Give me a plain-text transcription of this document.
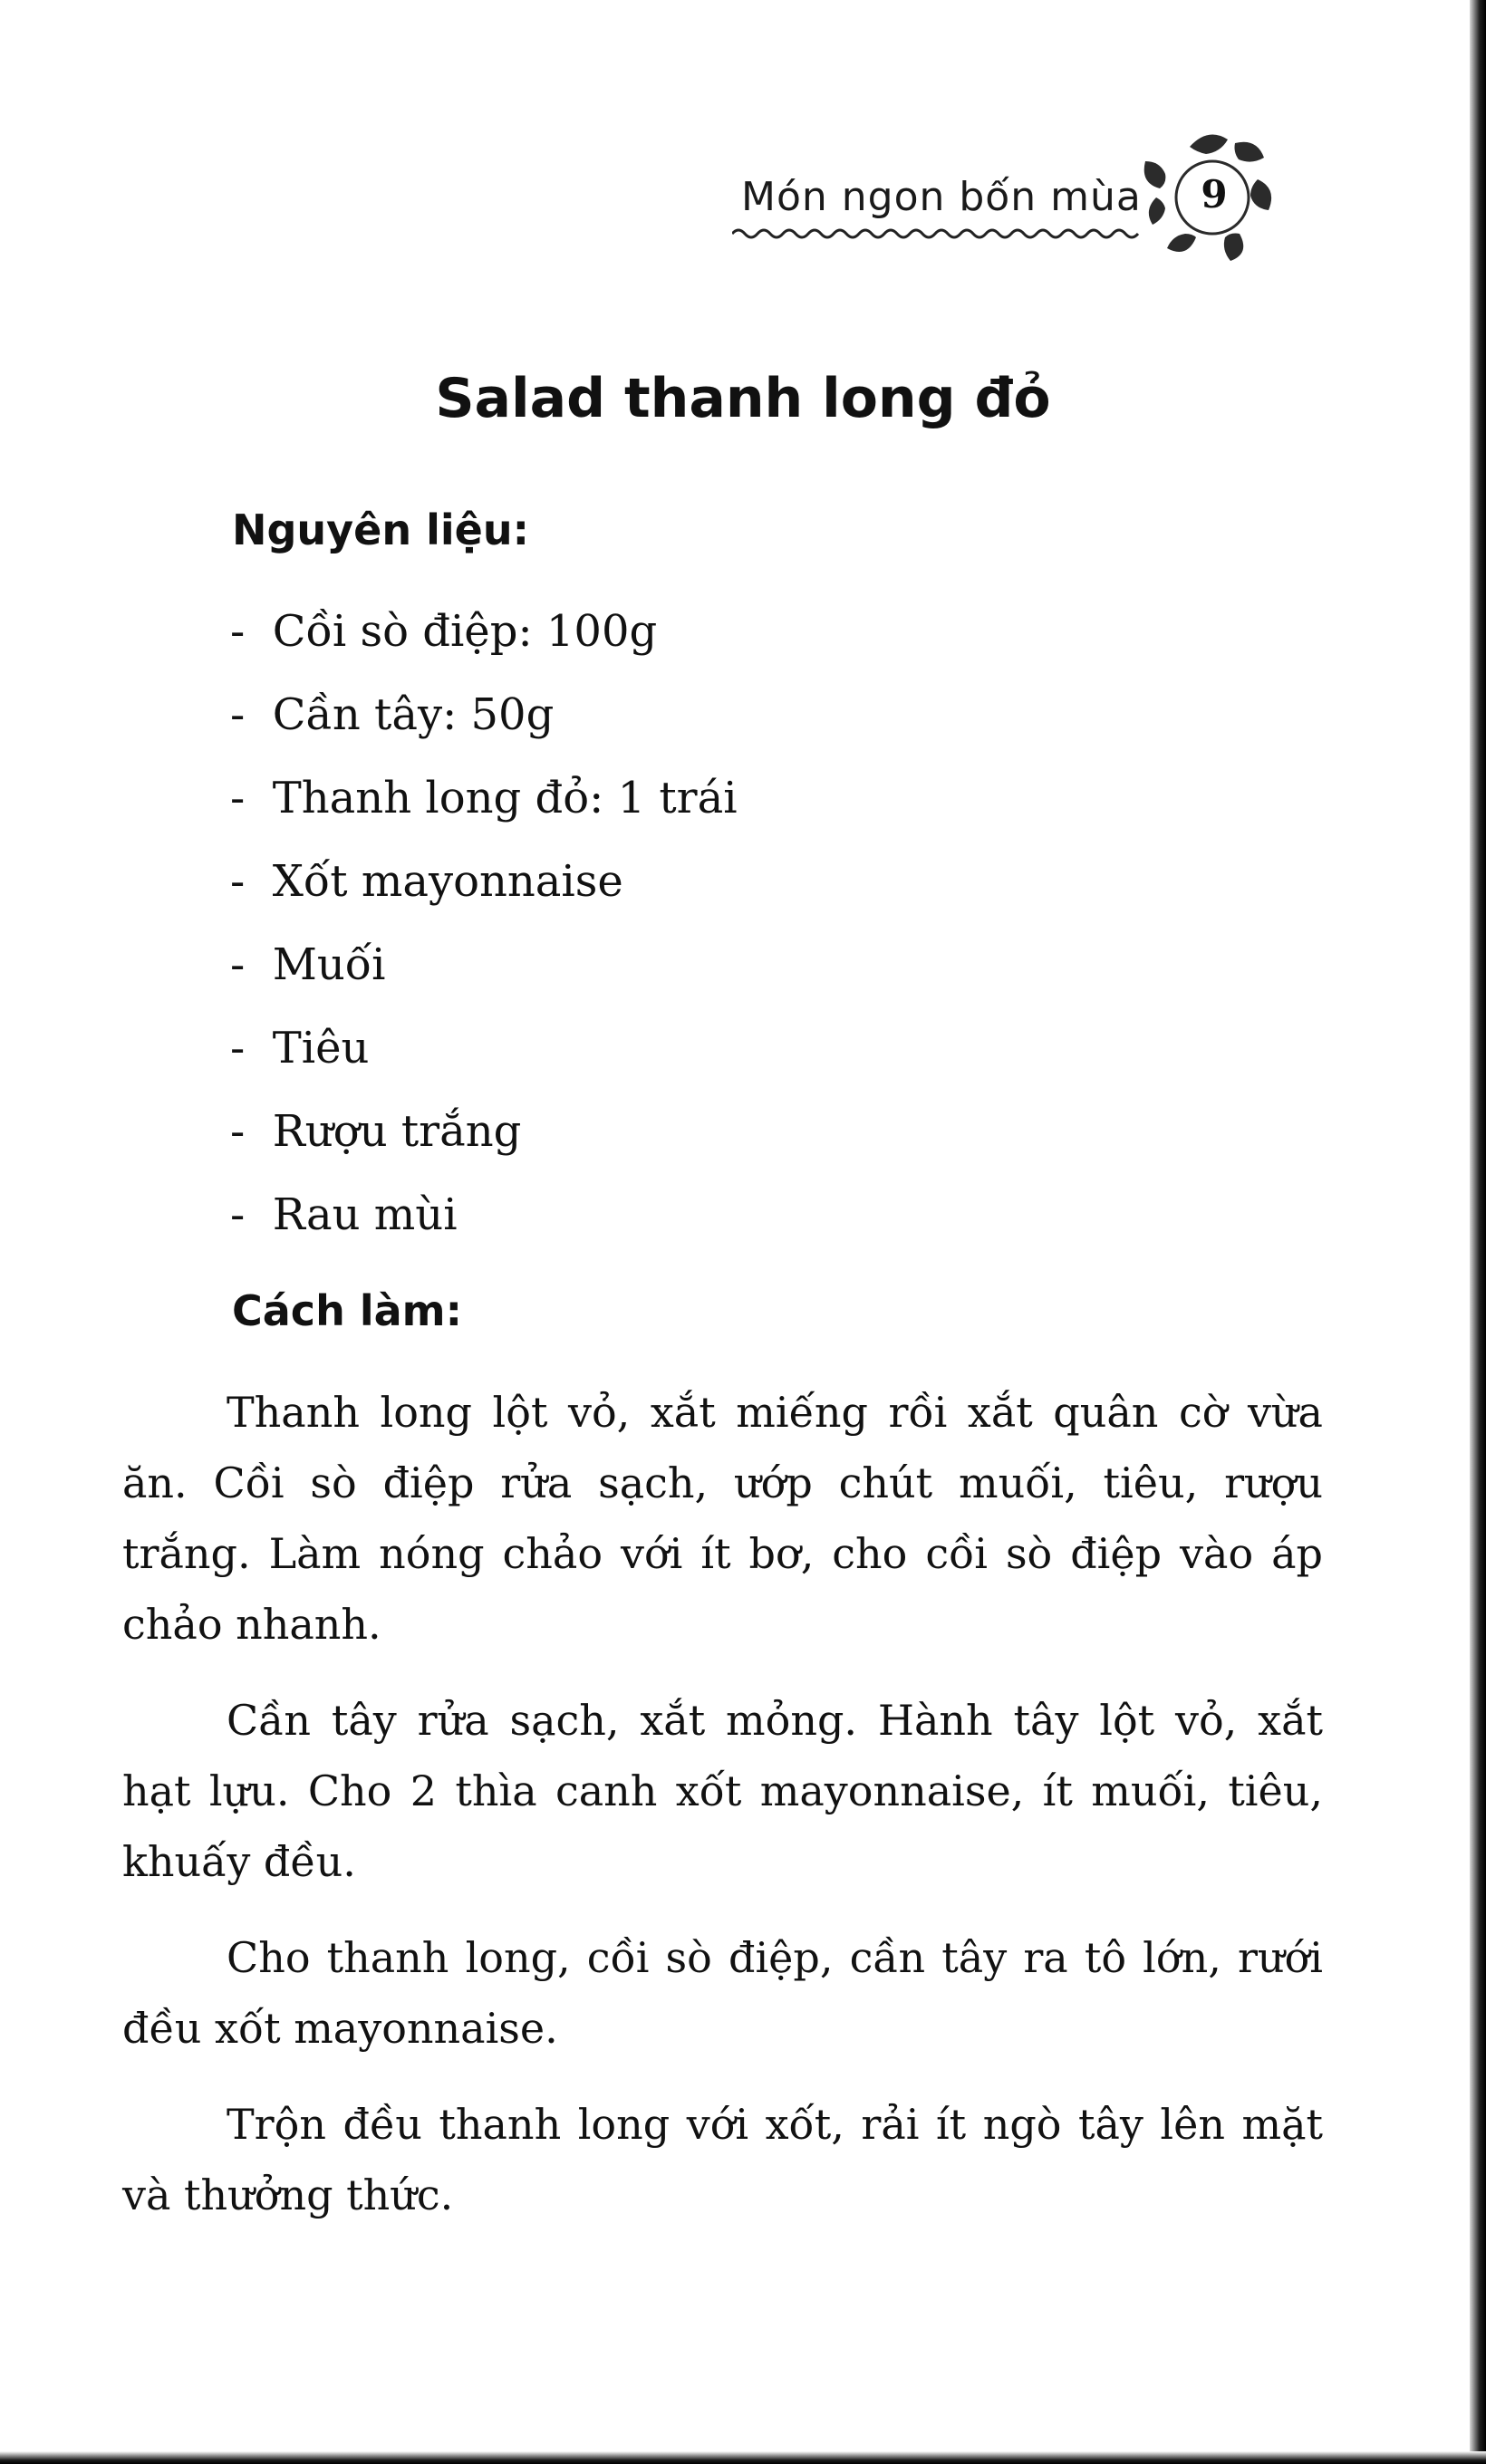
Món ngon bốn mùa	9
Salad thanh long đỏ
Nguyên liệu:
-  Cồi sò điệp: 100g
-  Cần tây: 50g
-  Thanh long đỏ: 1 trái
-  Xốt mayonnaise
-  Muối
-  Tiêu
-  Rượu trắng
-  Rau mùi
Cách làm:

Thanh long lột vỏ, xắt miếng rồi xắt quân cờ vừa ăn. Cồi sò điệp rửa sạch, ướp chút muối, tiêu, rượu trắng. Làm nóng chảo với ít bơ, cho cồi sò điệp vào áp chảo nhanh.

Cần tây rửa sạch, xắt mỏng. Hành tây lột vỏ, xắt hạt lựu. Cho 2 thìa canh xốt mayonnaise, ít muối, tiêu, khuấy đều.

Cho thanh long, cồi sò điệp, cần tây ra tô lớn, rưới đều xốt mayonnaise.

Trộn đều thanh long với xốt, rải ít ngò tây lên mặt và thưởng thức.
